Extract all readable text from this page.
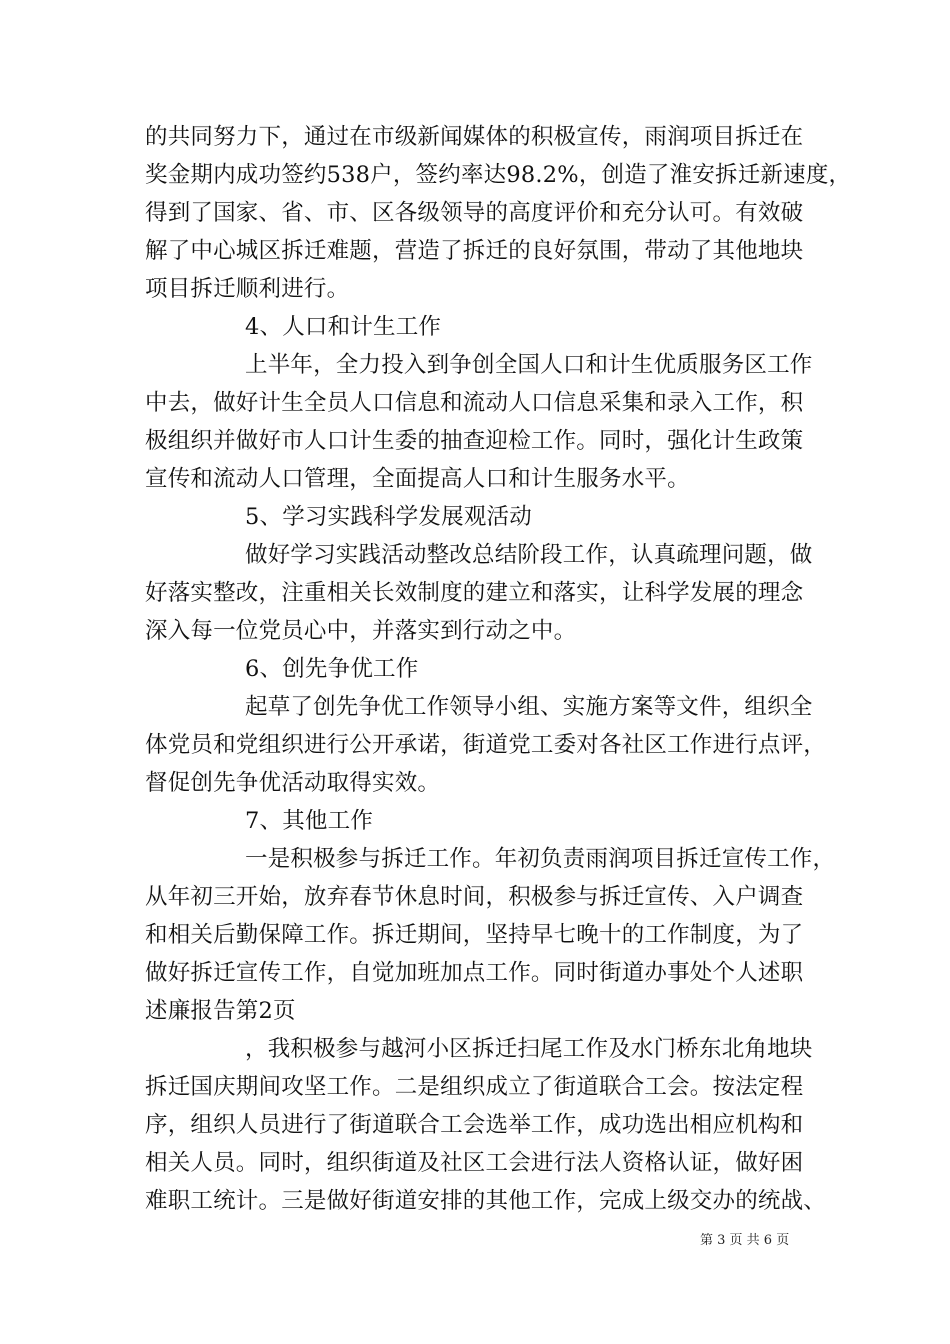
的共同努力下，通过在市级新闻媒体的积极宣传，雨润项目拆迁在
奖金期内成功签约538户，签约率达98.2%，创造了淮安拆迁新速度，
得到了国家、省、市、区各级领导的高度评价和充分认可。有效破
解了中心城区拆迁难题，营造了拆迁的良好氛围，带动了其他地块
项目拆迁顺利进行。
4、人口和计生工作
上半年，全力投入到争创全国人口和计生优质服务区工作
中去，做好计生全员人口信息和流动人口信息采集和录入工作，积
极组织并做好市人口计生委的抽查迎检工作。同时，强化计生政策
宣传和流动人口管理，全面提高人口和计生服务水平。
5、学习实践科学发展观活动
做好学习实践活动整改总结阶段工作，认真疏理问题，做
好落实整改，注重相关长效制度的建立和落实，让科学发展的理念
深入每一位党员心中，并落实到行动之中。
6、创先争优工作
起草了创先争优工作领导小组、实施方案等文件，组织全
体党员和党组织进行公开承诺，街道党工委对各社区工作进行点评，
督促创先争优活动取得实效。
7、其他工作
一是积极参与拆迁工作。年初负责雨润项目拆迁宣传工作，
从年初三开始，放弃春节休息时间，积极参与拆迁宣传、入户调查
和相关后勤保障工作。拆迁期间，坚持早七晚十的工作制度，为了
做好拆迁宣传工作，自觉加班加点工作。同时街道办事处个人述职
述廉报告第2页
，我积极参与越河小区拆迁扫尾工作及水门桥东北角地块
拆迁国庆期间攻坚工作。二是组织成立了街道联合工会。按法定程
序，组织人员进行了街道联合工会选举工作，成功选出相应机构和
相关人员。同时，组织街道及社区工会进行法人资格认证，做好困
难职工统计。三是做好街道安排的其他工作，完成上级交办的统战、
第 3 页 共 6 页
